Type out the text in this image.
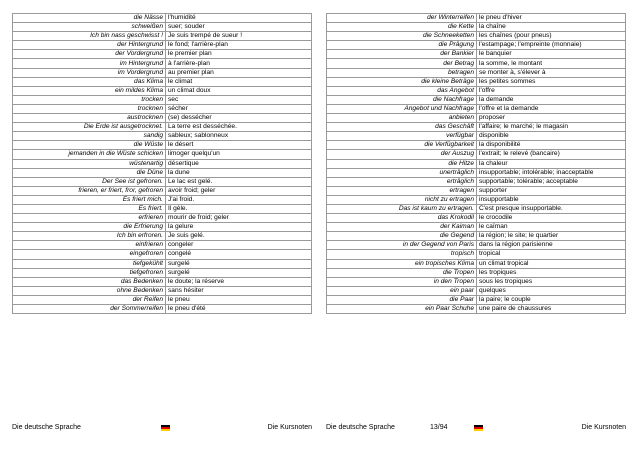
die Nässe	l'humidité
schweißen	suer; souder
Ich bin nass geschwisst !	Je suis trempé de sueur !
der Hintergrund	le fond; l'arrière-plan
der Vordergrund	le premier plan
im Hintergrund	à l'arrière-plan
im Vordergrund	au premier plan
das Klima	le climat
ein mildes Klima	un climat doux
trocken	sec
trocknen	sécher
austrocknen	(se) dessécher
Die Erde ist ausgetrocknet.	La terre est desséchée.
sandig	sableux; sablonneux
die Wüste	le désert
jemanden in die Wüste schicken	limoger quelqu'un
wüstenartig	désertique
die Düne	la dune
Der See ist gefroren.	Le lac est gelé.
frieren, er friert, fror, gefroren	avoir froid; geler
Es friert mich.	J'ai froid.
Es friert.	Il gèle.
erfrieren	mourir de froid; geler
die Erfrierung	la gelure
Ich bin erfroren.	Je suis gelé.
einfrieren	congeler
eingefroren	congelé
tiefgekühlt	surgelé
tiefgefroren	surgelé
das Bedenken	le doute; la réserve
ohne Bedenken	sans hésiter
der Reifen	le pneu
der Sommerreifen	le pneu d'été
der Winterreifen	le pneu d'hiver
die Kette	la chaîne
die Schneeketten	les chaînes (pour pneus)
die Prägung	l'estampage; l'empreinte (monnaie)
der Bankier	le banquier
der Betrag	la somme, le montant
betragen	se monter à, s'élever à
die kleine Beträge	les petites sommes
das Angebot	l'offre
die Nachfrage	la demande
Angebot und Nachfrage	l'offre et la demande
anbieten	proposer
das Geschäft	l'affaire; le marché; le magasin
verfügbar	disponible
die Verfügbarkeit	la disponibilité
der Auszug	l'extrait; le relevé (bancaire)
die Hitze	la chaleur
unerträglich	insupportable; intolérable; inacceptable
erträglich	supportable; tolérable; acceptable
ertragen	supporter
nicht zu ertragen	insupportable
Das ist kaum zu ertragen.	C'est presque insupportable.
das Krokodil	le crocodile
der Kaiman	le caïman
die Gegend	la région; le site; le quartier
in der Gegend von Paris	dans la région parisienne
tropisch	tropical
ein tropisches Klima	un climat tropical
die Tropen	les tropiques
in den Tropen	sous les tropiques
ein paar	quelques
die Paar	la paire; le couple
ein Paar Schuhe	une paire de chaussures
Die deutsche Sprache	Die Kursnoten Die deutsche Sprache	13/94	Die Kursnoten
